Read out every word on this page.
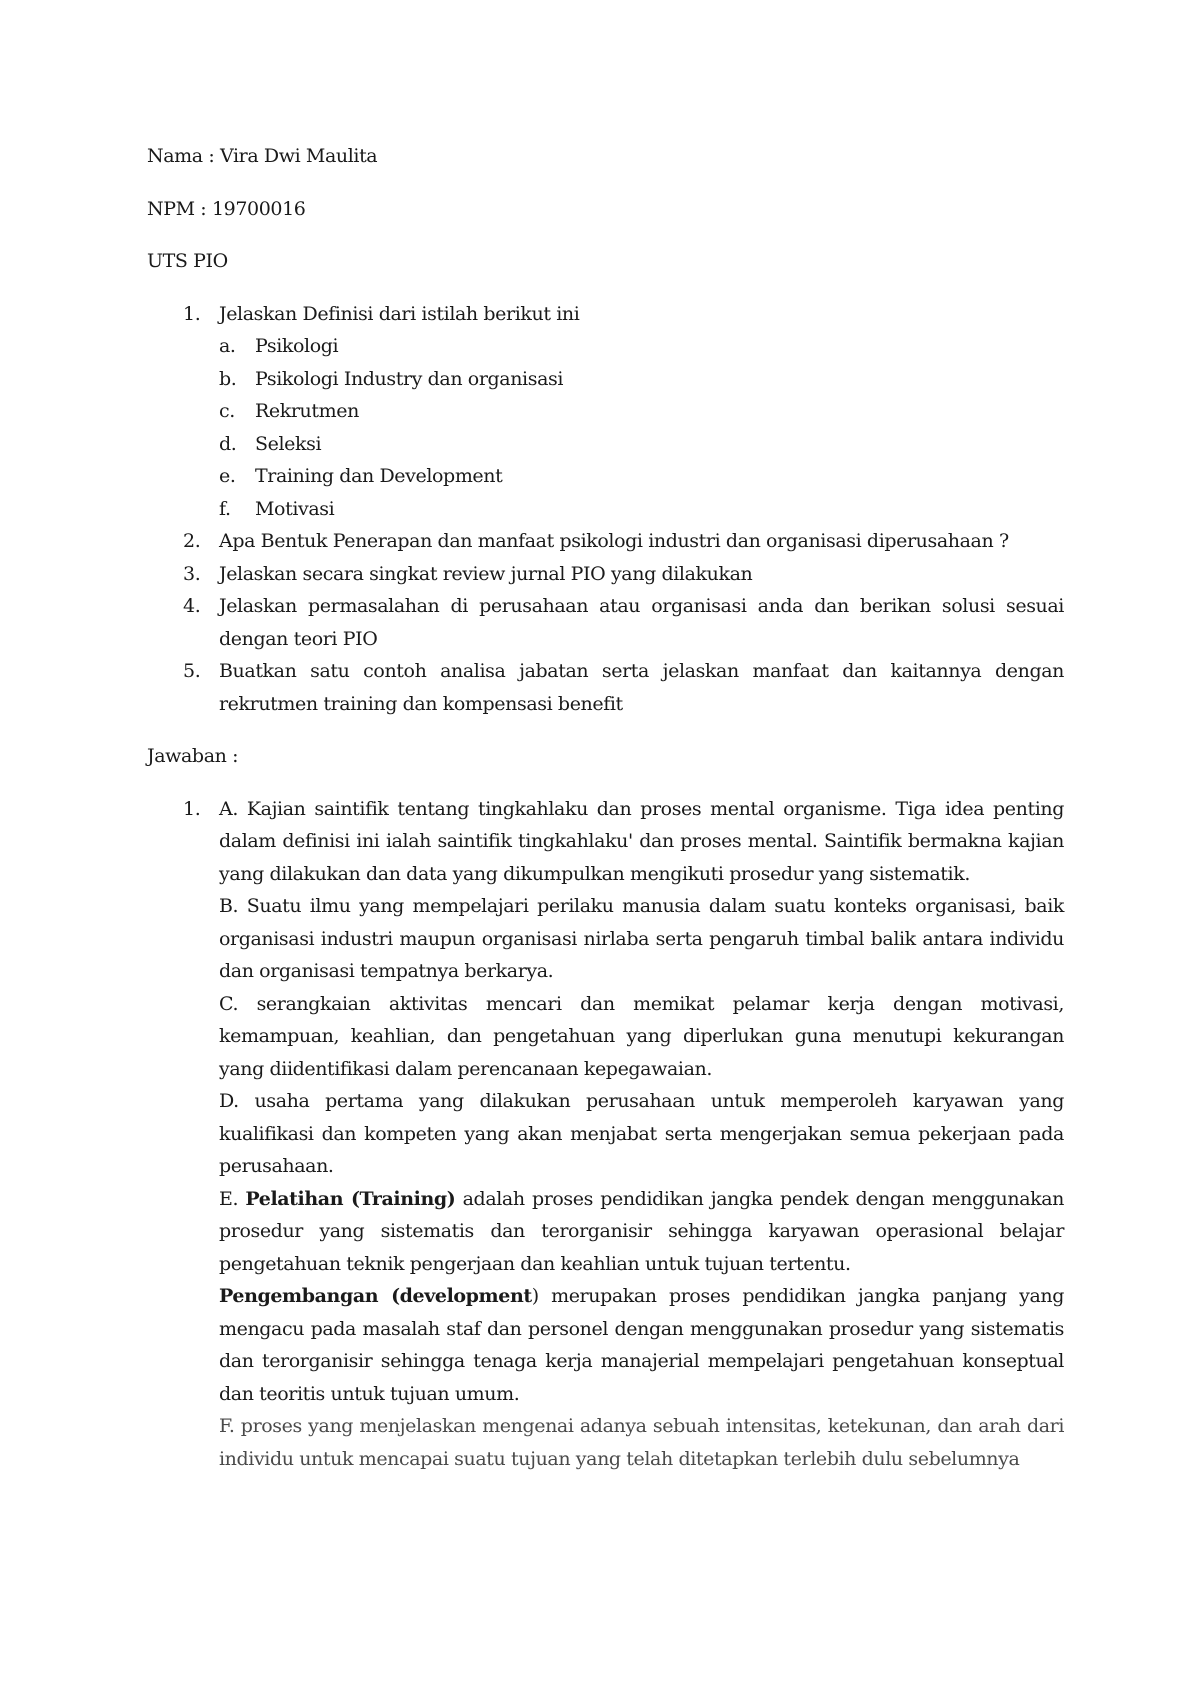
Nama : Vira Dwi Maulita

NPM : 19700016

UTS PIO

1. Jelaskan Definisi dari istilah berikut ini
a. Psikologi
b. Psikologi Industry dan organisasi
c. Rekrutmen
d. Seleksi
e. Training dan Development
f. Motivasi
2. Apa Bentuk Penerapan dan manfaat psikologi industri dan organisasi diperusahaan ?
3. Jelaskan secara singkat review jurnal PIO yang dilakukan
4. Jelaskan permasalahan di perusahaan atau organisasi anda dan berikan solusi sesuai dengan teori PIO
5. Buatkan satu contoh analisa jabatan serta jelaskan manfaat dan kaitannya dengan rekrutmen training dan kompensasi benefit

Jawaban :

1. A. Kajian saintifik tentang tingkahlaku dan proses mental organisme. Tiga idea penting dalam definisi ini ialah saintifik tingkahlaku' dan proses mental. Saintifik bermakna kajian yang dilakukan dan data yang dikumpulkan mengikuti prosedur yang sistematik.

B. Suatu ilmu yang mempelajari perilaku manusia dalam suatu konteks organisasi, baik organisasi industri maupun organisasi nirlaba serta pengaruh timbal balik antara individu dan organisasi tempatnya berkarya.

C. serangkaian aktivitas mencari dan memikat pelamar kerja dengan motivasi, kemampuan, keahlian, dan pengetahuan yang diperlukan guna menutupi kekurangan yang diidentifikasi dalam perencanaan kepegawaian.

D. usaha pertama yang dilakukan perusahaan untuk memperoleh karyawan yang kualifikasi dan kompeten yang akan menjabat serta mengerjakan semua pekerjaan pada perusahaan.

E. Pelatihan (Training) adalah proses pendidikan jangka pendek dengan menggunakan prosedur yang sistematis dan terorganisir sehingga karyawan operasional belajar pengetahuan teknik pengerjaan dan keahlian untuk tujuan tertentu.

Pengembangan (development) merupakan proses pendidikan jangka panjang yang mengacu pada masalah staf dan personel dengan menggunakan prosedur yang sistematis dan terorganisir sehingga tenaga kerja manajerial mempelajari pengetahuan konseptual dan teoritis untuk tujuan umum.

F. proses yang menjelaskan mengenai adanya sebuah intensitas, ketekunan, dan arah dari individu untuk mencapai suatu tujuan yang telah ditetapkan terlebih dulu sebelumnya
